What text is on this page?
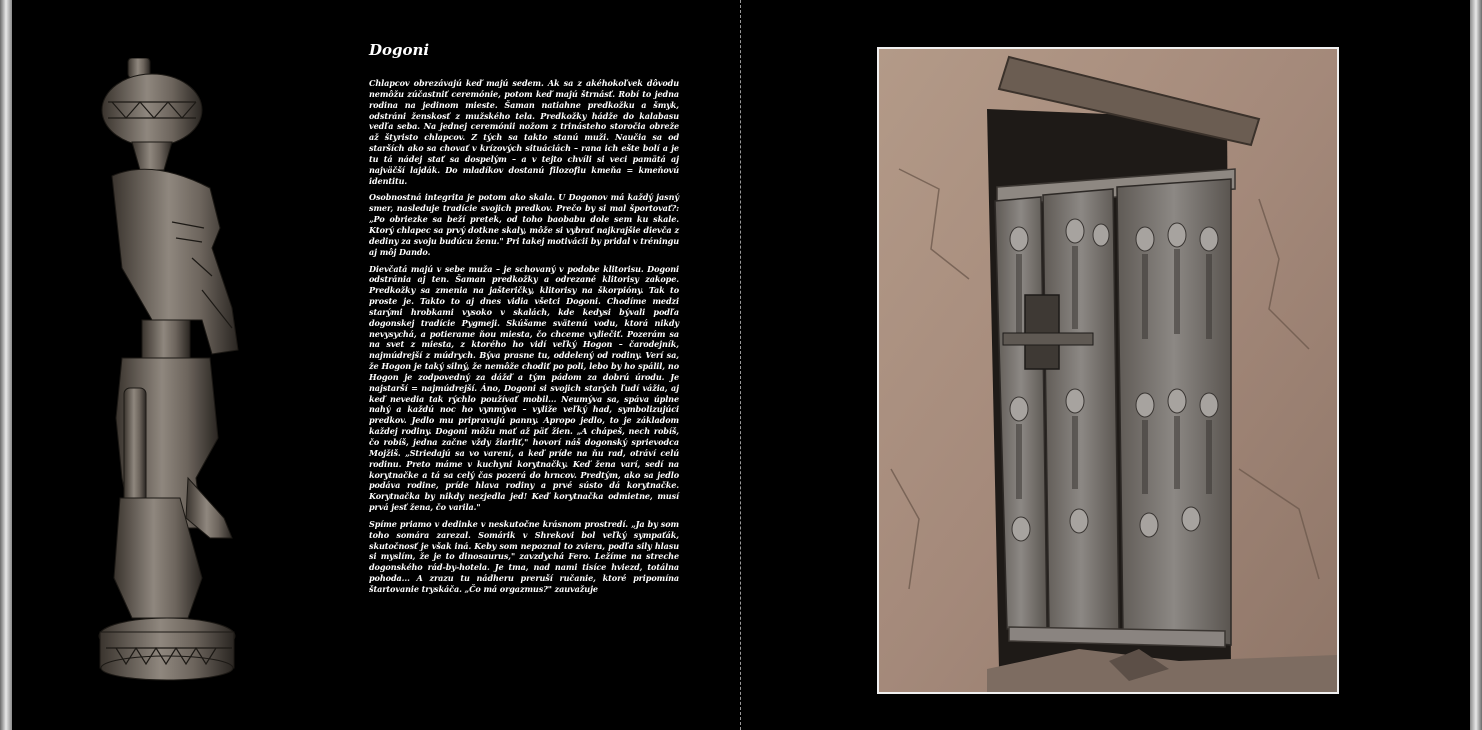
Dogoni

Chlapcov obrezávajú keď majú sedem. Ak sa z akéhokoľvek dôvodu nemôžu zúčastniť ceremónie, potom keď majú štrnásť. Robí to jedna rodina na jedinom mieste. Šaman natiahne predkožku a šmyk, odstráni ženskosť z mužského tela. Predkožky hádže do kalabasu vedľa seba. Na jednej ceremónii nožom z trinásteho storočia obreže až štyristo chlapcov. Z tých sa takto stanú muži. Naučia sa od starších ako sa chovať v krízových situáciách – rana ich ešte bolí a je tu tá nádej stať sa dospelým – a v tejto chvíli si veci pamätá aj najväčší lajdák. Do mladíkov dostanú filozofiu kmeňa = kmeňovú identitu.

Osobnostná integrita je potom ako skala. U Dogonov má každý jasný smer, nasleduje tradície svojich predkov. Prečo by si mal športovať?: „Po obriezke sa beží pretek, od toho baobabu dole sem ku skale. Ktorý chlapec sa prvý dotkne skaly, môže si vybrať najkrajšie dievča z dediny za svoju budúcu ženu." Pri takej motivácii by pridal v tréningu aj môj Dando.

Dievčatá majú v sebe muža – je schovaný v podobe klitorisu. Dogoni odstránia aj ten. Šaman predkožky a odrezané klitorisy zakope. Predkožky sa zmenia na jašteričky, klitorisy na škorpióny. Tak to proste je. Takto to aj dnes vidia všetci Dogoni. Chodíme medzi starými hrobkami vysoko v skalách, kde kedysi bývali podľa dogonskej tradície Pygmeji. Skúšame svätenú vodu, ktorá nikdy nevysychá, a potierame ňou miesta, čo chceme vyliečiť. Pozerám sa na svet z miesta, z ktorého ho vidí veľký Hogon – čarodejník, najmúdrejší z múdrych. Býva prasne tu, oddelený od rodiny. Verí sa, že Hogon je taký silný, že nemôže chodiť po poli, lebo by ho spálil, no Hogon je zodpovedný za dážď a tým pádom za dobrú úrodu. Je najstarší = najmúdrejší. Áno, Dogoni si svojich starých ľudí vážia, aj keď nevedia tak rýchlo používať mobil... Neumývа sa, spáva úplne nahý a každú noc ho vynmýva – vyliže veľký had, symbolizujúci predkov. Jedlo mu pripravujú panny. Apropo jedlo, to je základom každej rodiny. Dogoni môžu mať až päť žien. „A chápeš, nech robíš, čo robíš, jedna začne vždy žiarliť," hovorí náš dogonský sprievodca Mojžiš. „Striedajú sa vo varení, a keď príde na ňu rad, otráví celú rodinu. Preto máme v kuchyni korytnačky. Keď žena varí, sedí na korytnačke a tá sa celý čas pozerá do hrncov. Predtým, ako sa jedlo podáva rodine, príde hlava rodiny a prvé sústo dá korytnačke. Korytnačka by nikdy nezjedla jed! Keď korytnačka odmietne, musí prvá jesť žena, čo varila."

Spíme priamo v dedinke v neskutočne krásnom prostredí. „Ja by som toho somára zarezal. Somárik v Shrekovi bol veľký sympaťák, skutočnosť je však iná. Keby som nepoznal to zviera, podľa sily hlasu si myslím, že je to dinosaurus," zavzdychá Fero. Ležíme na streche dogonského rád-by-hotela. Je tma, nad nami tisíce hviezd, totálna pohoda... A zrazu tu nádheru preruší ručanie, ktoré pripomína štartovanie tryskáča. „Čo má orgazmus?" zauvažuje
